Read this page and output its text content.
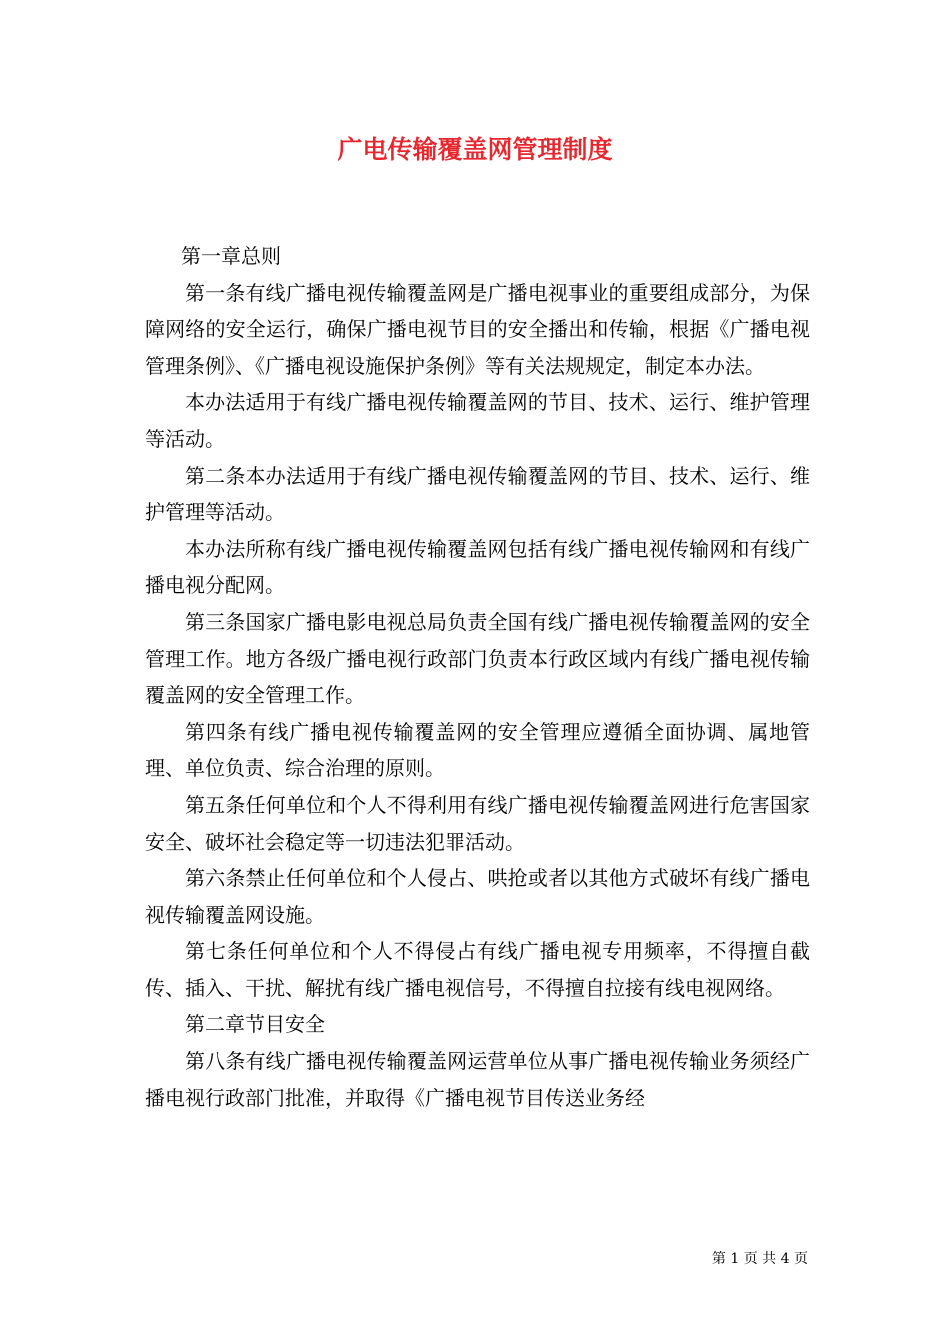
广电传输覆盖网管理制度

第一章总则

第一条有线广播电视传输覆盖网是广播电视事业的重要组成部分，为保障网络的安全运行，确保广播电视节目的安全播出和传输，根据《广播电视管理条例》、《广播电视设施保护条例》等有关法规规定，制定本办法。

本办法适用于有线广播电视传输覆盖网的节目、技术、运行、维护管理等活动。

第二条本办法适用于有线广播电视传输覆盖网的节目、技术、运行、维护管理等活动。

本办法所称有线广播电视传输覆盖网包括有线广播电视传输网和有线广播电视分配网。

第三条国家广播电影电视总局负责全国有线广播电视传输覆盖网的安全管理工作。地方各级广播电视行政部门负责本行政区域内有线广播电视传输覆盖网的安全管理工作。

第四条有线广播电视传输覆盖网的安全管理应遵循全面协调、属地管理、单位负责、综合治理的原则。

第五条任何单位和个人不得利用有线广播电视传输覆盖网进行危害国家安全、破坏社会稳定等一切违法犯罪活动。

第六条禁止任何单位和个人侵占、哄抢或者以其他方式破坏有线广播电视传输覆盖网设施。

第七条任何单位和个人不得侵占有线广播电视专用频率，不得擅自截传、插入、干扰、解扰有线广播电视信号，不得擅自拉接有线电视网络。

第二章节目安全

第八条有线广播电视传输覆盖网运营单位从事广播电视传输业务须经广播电视行政部门批准，并取得《广播电视节目传送业务经

第 1 页 共 4 页
